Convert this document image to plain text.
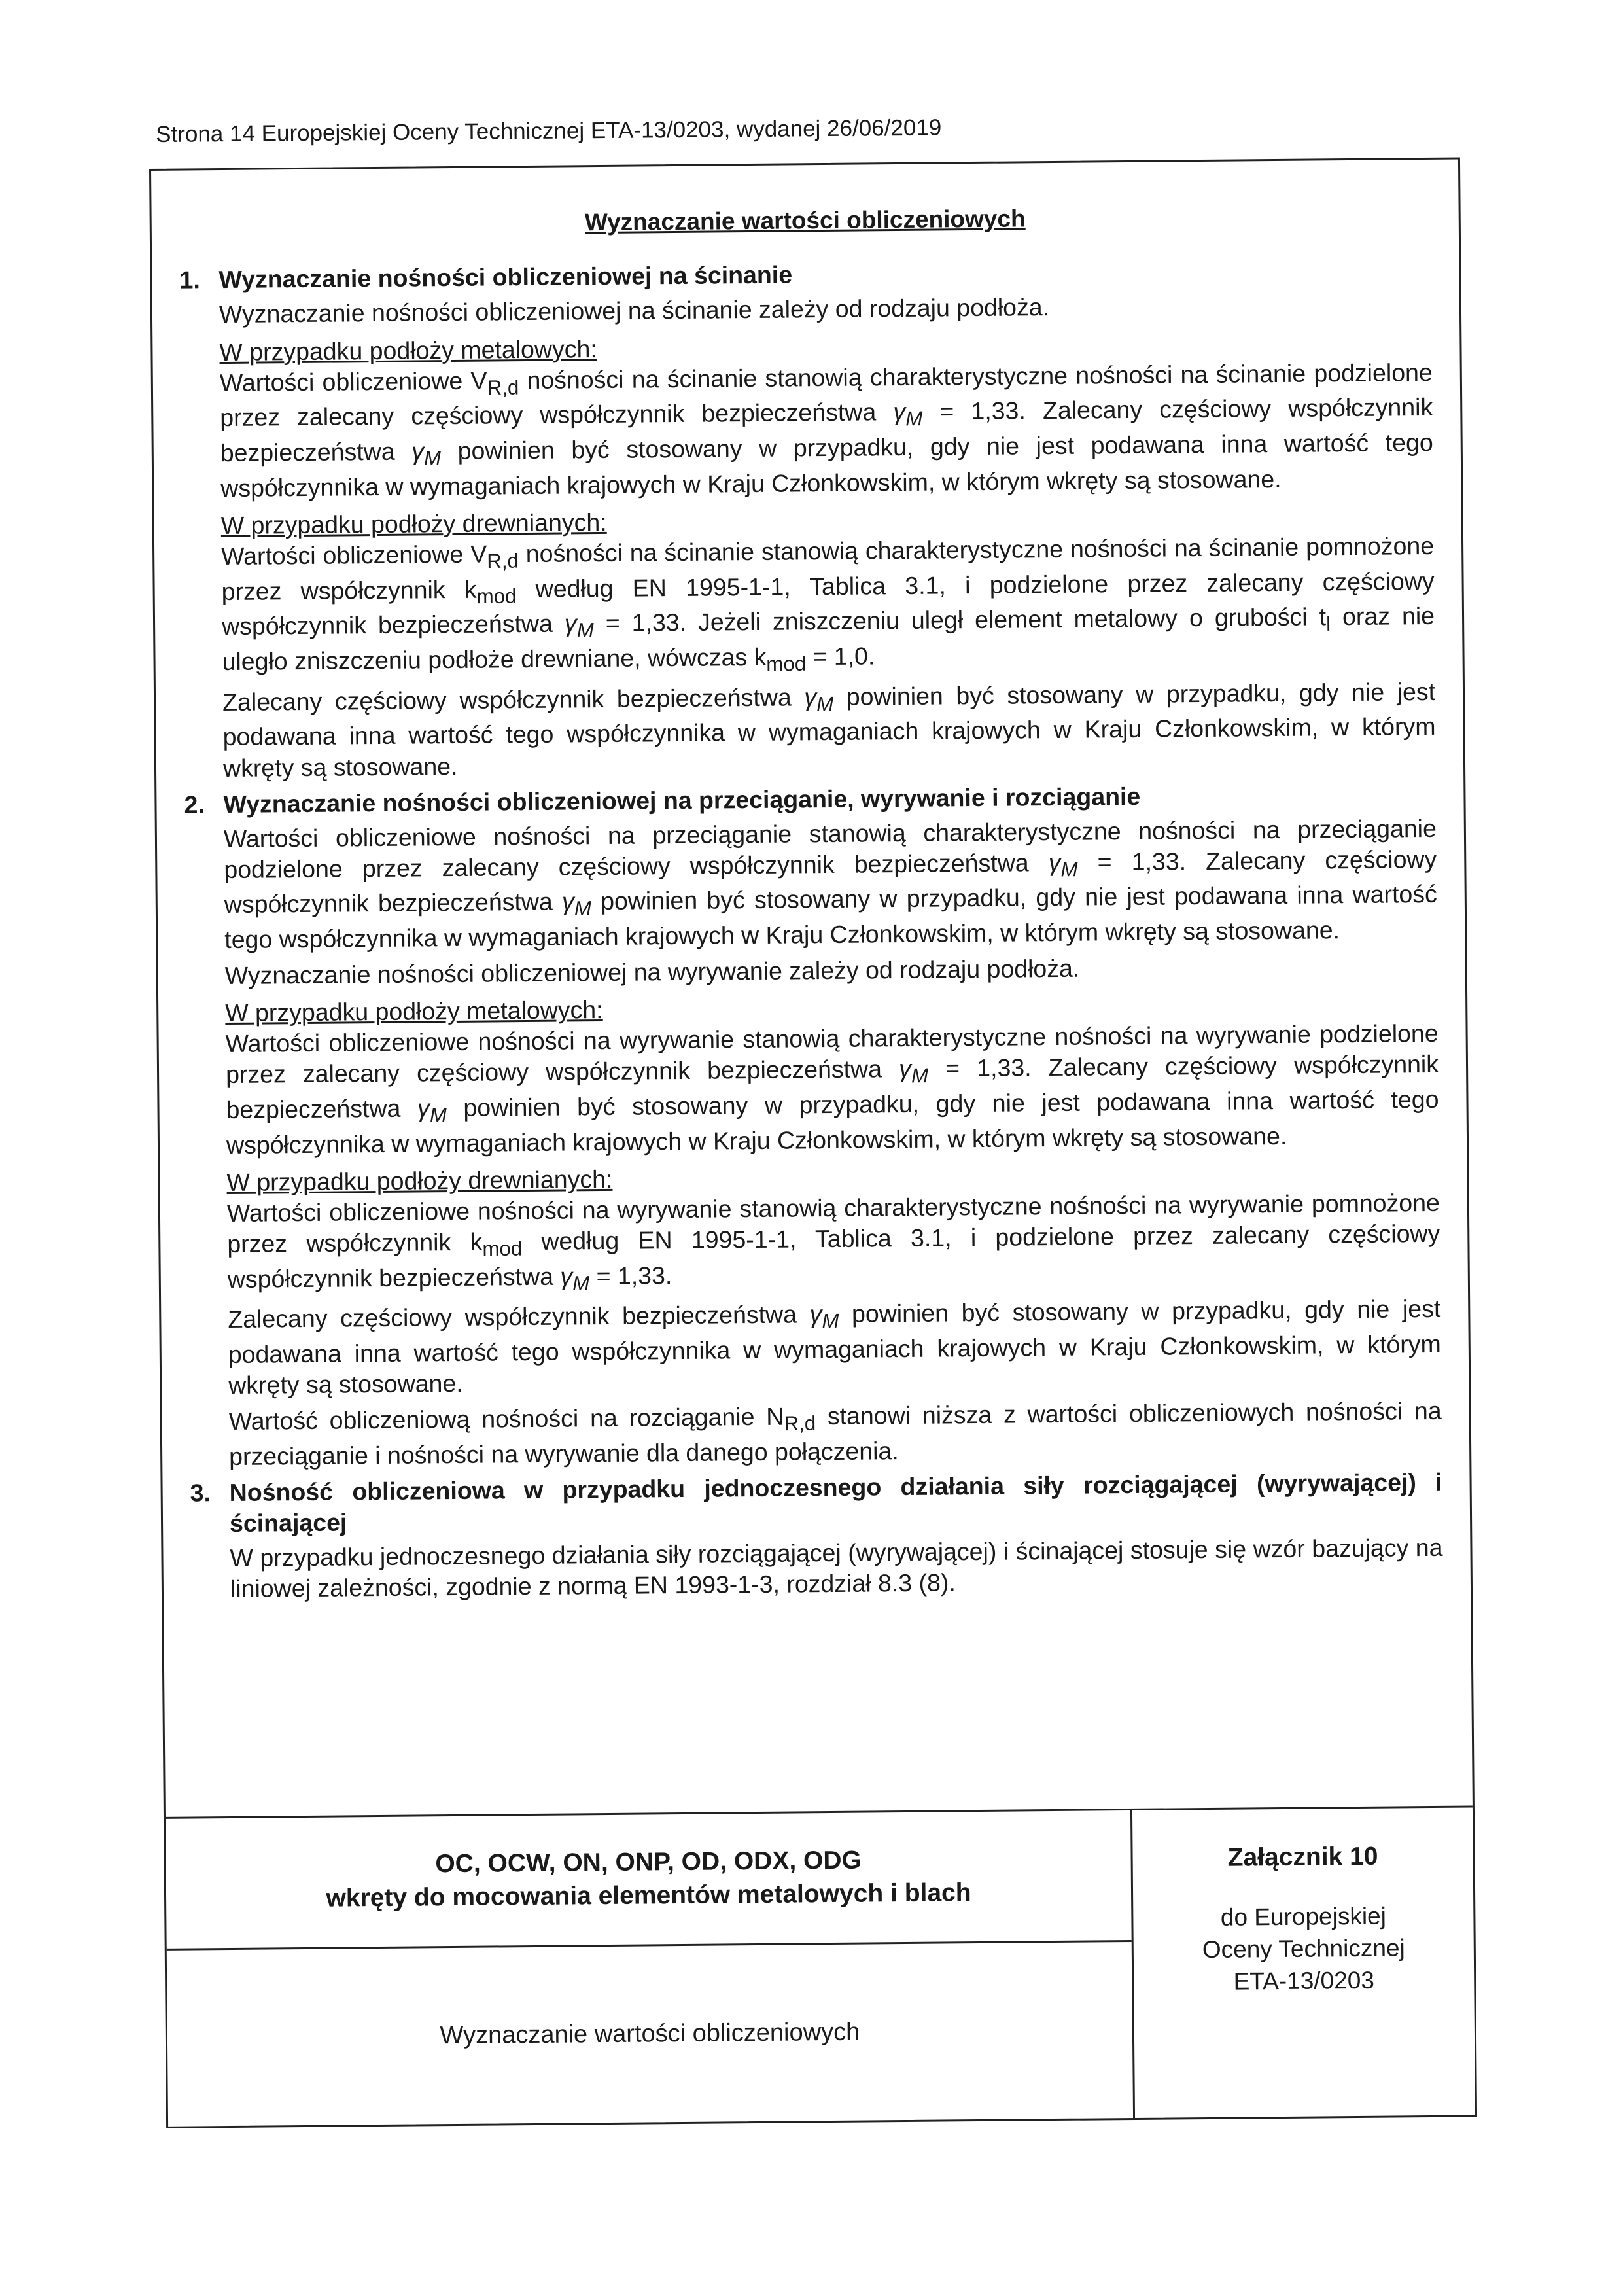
Strona 14 Europejskiej Oceny Technicznej ETA-13/0203, wydanej 26/06/2019
Wyznaczanie wartości obliczeniowych
1. Wyznaczanie nośności obliczeniowej na ścinanie
Wyznaczanie nośności obliczeniowej na ścinanie zależy od rodzaju podłoża.
W przypadku podłoży metalowych:
Wartości obliczeniowe $V_{R,d}$ nośności na ścinanie stanowią charakterystyczne nośności na ścinanie podzielone przez zalecany częściowy współczynnik bezpieczeństwa $\gamma_M = 1,33$. Zalecany częściowy współczynnik bezpieczeństwa $\gamma_M$ powinien być stosowany w przypadku, gdy nie jest podawana inna wartość tego współczynnika w wymaganiach krajowych w Kraju Członkowskim, w którym wkręty są stosowane.
W przypadku podłoży drewnianych:
Wartości obliczeniowe $V_{R,d}$ nośności na ścinanie stanowią charakterystyczne nośności na ścinanie pomnożone przez współczynnik $k_{mod}$ według EN 1995-1-1, Tablica 3.1, i podzielone przez zalecany częściowy współczynnik bezpieczeństwa $\gamma_M = 1,33$. Jeżeli zniszczeniu uległ element metalowy o grubości $t_l$ oraz nie uległo zniszczeniu podłoże drewniane, wówczas $k_{mod} = 1,0$.
Zalecany częściowy współczynnik bezpieczeństwa $\gamma_M$ powinien być stosowany w przypadku, gdy nie jest podawana inna wartość tego współczynnika w wymaganiach krajowych w Kraju Członkowskim, w którym wkręty są stosowane.
2. Wyznaczanie nośności obliczeniowej na przeciąganie, wyrywanie i rozciąganie
Wartości obliczeniowe nośności na przeciąganie stanowią charakterystyczne nośności na przeciąganie podzielone przez zalecany częściowy współczynnik bezpieczeństwa $\gamma_M = 1,33$. Zalecany częściowy współczynnik bezpieczeństwa $\gamma_M$ powinien być stosowany w przypadku, gdy nie jest podawana inna wartość tego współczynnika w wymaganiach krajowych w Kraju Członkowskim, w którym wkręty są stosowane.
Wyznaczanie nośności obliczeniowej na wyrywanie zależy od rodzaju podłoża.
W przypadku podłoży metalowych:
Wartości obliczeniowe nośności na wyrywanie stanowią charakterystyczne nośności na wyrywanie podzielone przez zalecany częściowy współczynnik bezpieczeństwa $\gamma_M = 1,33$. Zalecany częściowy współczynnik bezpieczeństwa $\gamma_M$ powinien być stosowany w przypadku, gdy nie jest podawana inna wartość tego współczynnika w wymaganiach krajowych w Kraju Członkowskim, w którym wkręty są stosowane.
W przypadku podłoży drewnianych:
Wartości obliczeniowe nośności na wyrywanie stanowią charakterystyczne nośności na wyrywanie pomnożone przez współczynnik $k_{mod}$ według EN 1995-1-1, Tablica 3.1, i podzielone przez zalecany częściowy współczynnik bezpieczeństwa $\gamma_M = 1,33$.
Zalecany częściowy współczynnik bezpieczeństwa $\gamma_M$ powinien być stosowany w przypadku, gdy nie jest podawana inna wartość tego współczynnika w wymaganiach krajowych w Kraju Członkowskim, w którym wkręty są stosowane.
Wartość obliczeniową nośności na rozciąganie $N_{R,d}$ stanowi niższa z wartości obliczeniowych nośności na przeciąganie i nośności na wyrywanie dla danego połączenia.
3. Nośność obliczeniowa w przypadku jednoczesnego działania siły rozciągającej (wyrywającej) i ścinającej
W przypadku jednoczesnego działania siły rozciągającej (wyrywającej) i ścinającej stosuje się wzór bazujący na liniowej zależności, zgodnie z normą EN 1993-1-3, rozdział 8.3 (8).
OC, OCW, ON, ONP, OD, ODX, ODG
wkręty do mocowania elementów metalowych i blach
Wyznaczanie wartości obliczeniowych
Załącznik 10
do Europejskiej
Oceny Technicznej
ETA-13/0203
